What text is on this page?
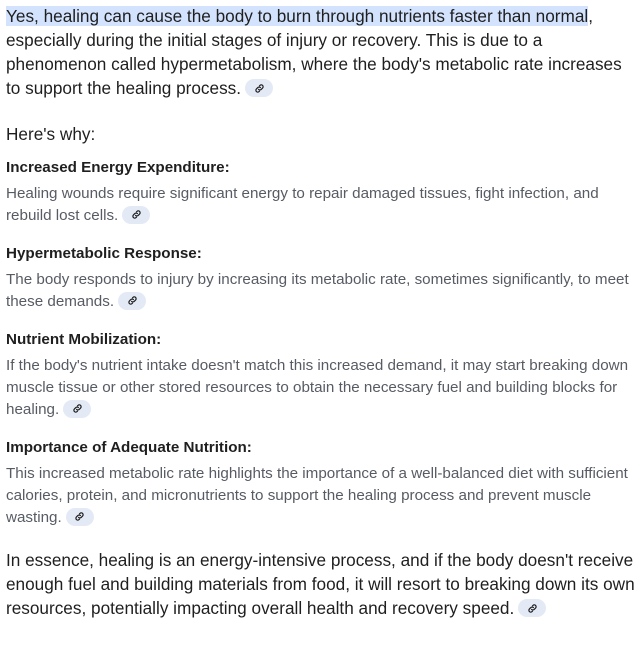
Yes, healing can cause the body to burn through nutrients faster than normal, especially during the initial stages of injury or recovery. This is due to a phenomenon called hypermetabolism, where the body's metabolic rate increases to support the healing process.

Here's why:

Increased Energy Expenditure:

Healing wounds require significant energy to repair damaged tissues, fight infection, and rebuild lost cells.

Hypermetabolic Response:

The body responds to injury by increasing its metabolic rate, sometimes significantly, to meet these demands.

Nutrient Mobilization:

If the body's nutrient intake doesn't match this increased demand, it may start breaking down muscle tissue or other stored resources to obtain the necessary fuel and building blocks for healing.

Importance of Adequate Nutrition:

This increased metabolic rate highlights the importance of a well-balanced diet with sufficient calories, protein, and micronutrients to support the healing process and prevent muscle wasting.

In essence, healing is an energy-intensive process, and if the body doesn't receive enough fuel and building materials from food, it will resort to breaking down its own resources, potentially impacting overall health and recovery speed.
